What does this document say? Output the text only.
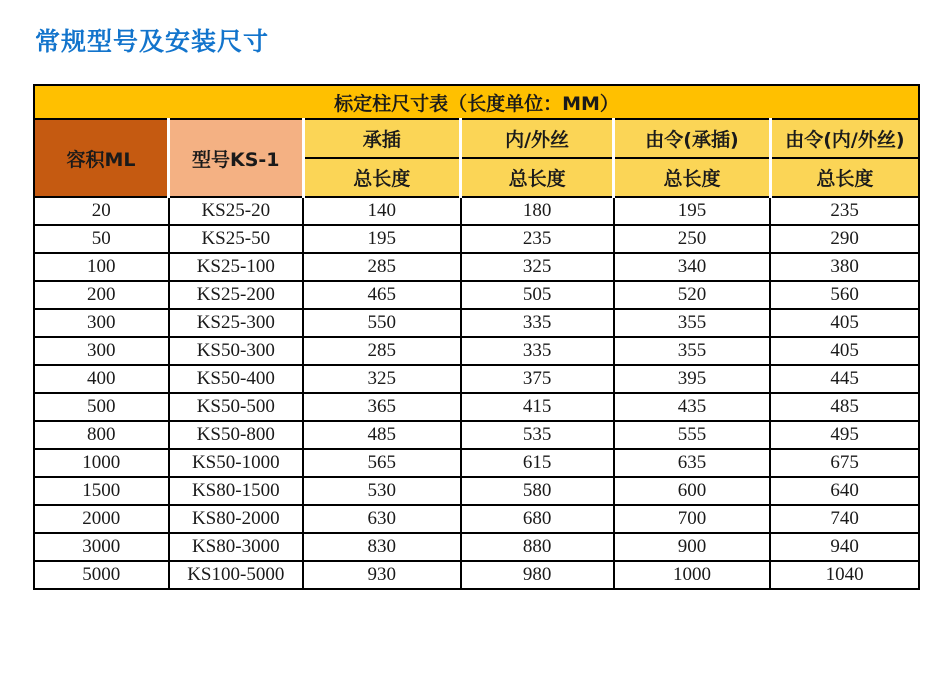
常规型号及安装尺寸
标定柱尺寸表（长度单位：MM）					
容积ML	型号KS-1	承插	内/外丝	由令(承插)	由令(内/外丝)
		总长度	总长度	总长度	总长度
20	KS25-20	140	180	195	235
50	KS25-50	195	235	250	290
100	KS25-100	285	325	340	380
200	KS25-200	465	505	520	560
300	KS25-300	550	335	355	405
300	KS50-300	285	335	355	405
400	KS50-400	325	375	395	445
500	KS50-500	365	415	435	485
800	KS50-800	485	535	555	495
1000	KS50-1000	565	615	635	675
1500	KS80-1500	530	580	600	640
2000	KS80-2000	630	680	700	740
3000	KS80-3000	830	880	900	940
5000	KS100-5000	930	980	1000	1040
